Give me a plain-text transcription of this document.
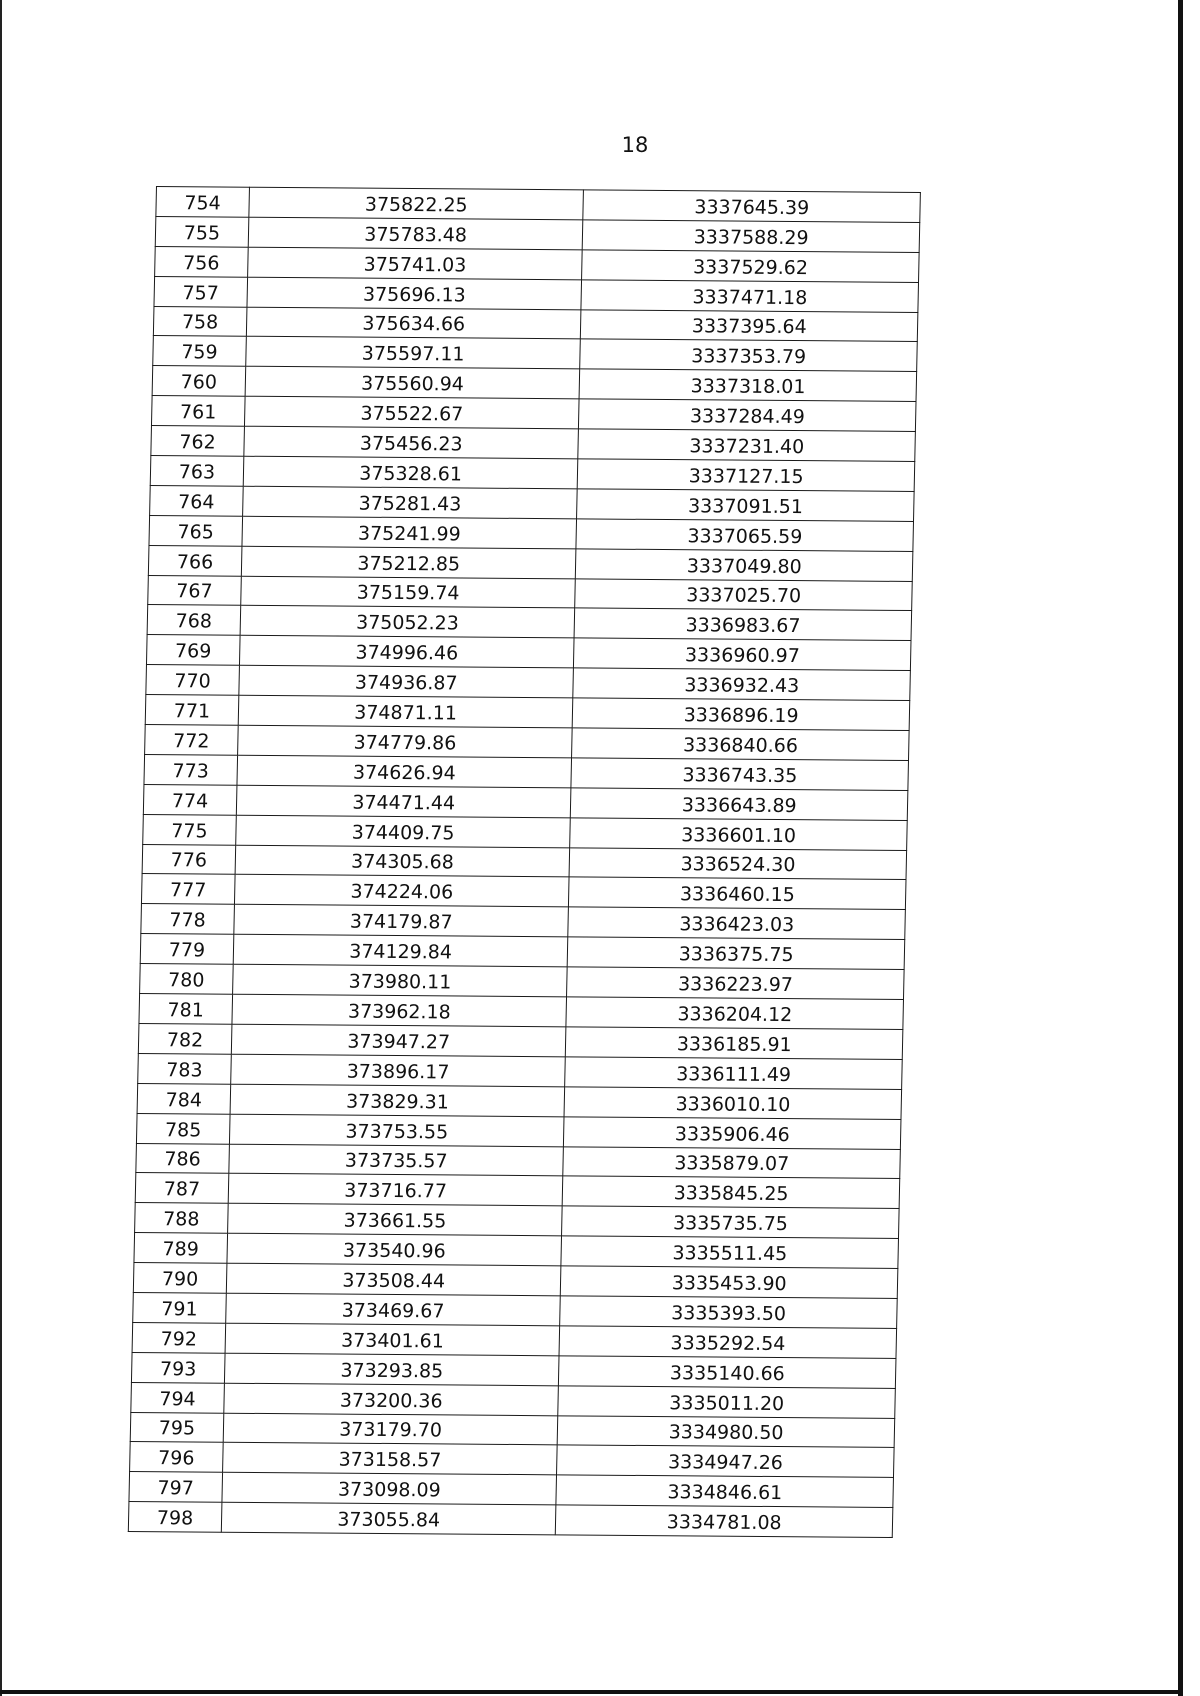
18
754	375822.25	3337645.39
755	375783.48	3337588.29
756	375741.03	3337529.62
757	375696.13	3337471.18
758	375634.66	3337395.64
759	375597.11	3337353.79
760	375560.94	3337318.01
761	375522.67	3337284.49
762	375456.23	3337231.40
763	375328.61	3337127.15
764	375281.43	3337091.51
765	375241.99	3337065.59
766	375212.85	3337049.80
767	375159.74	3337025.70
768	375052.23	3336983.67
769	374996.46	3336960.97
770	374936.87	3336932.43
771	374871.11	3336896.19
772	374779.86	3336840.66
773	374626.94	3336743.35
774	374471.44	3336643.89
775	374409.75	3336601.10
776	374305.68	3336524.30
777	374224.06	3336460.15
778	374179.87	3336423.03
779	374129.84	3336375.75
780	373980.11	3336223.97
781	373962.18	3336204.12
782	373947.27	3336185.91
783	373896.17	3336111.49
784	373829.31	3336010.10
785	373753.55	3335906.46
786	373735.57	3335879.07
787	373716.77	3335845.25
788	373661.55	3335735.75
789	373540.96	3335511.45
790	373508.44	3335453.90
791	373469.67	3335393.50
792	373401.61	3335292.54
793	373293.85	3335140.66
794	373200.36	3335011.20
795	373179.70	3334980.50
796	373158.57	3334947.26
797	373098.09	3334846.61
798	373055.84	3334781.08
